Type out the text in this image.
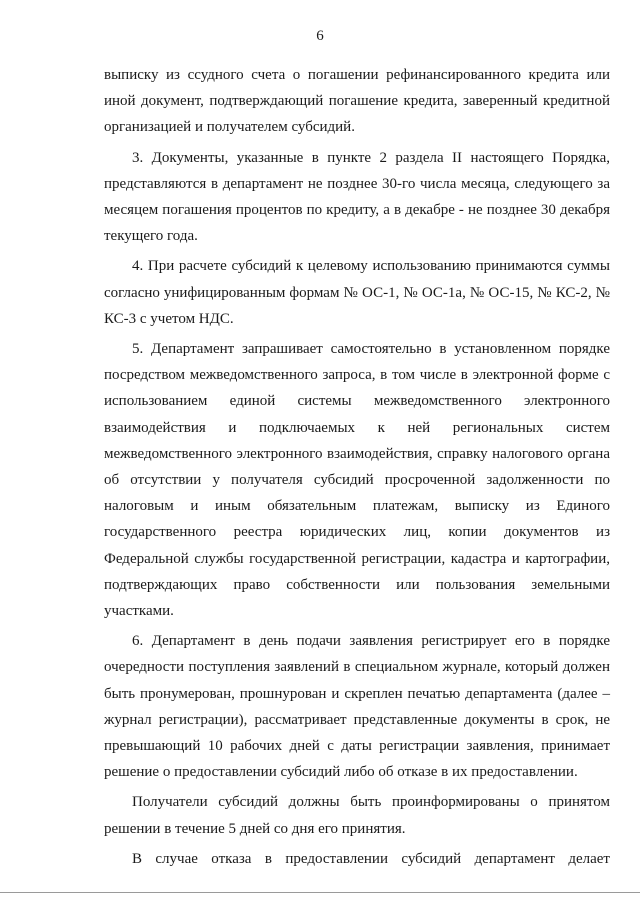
6

выписку из ссудного счета о погашении рефинансированного кредита или иной документ, подтверждающий погашение кредита, заверенный кредитной организацией и получателем субсидий.

3. Документы, указанные в пункте 2 раздела II настоящего Порядка, представляются в департамент не позднее 30-го числа месяца, следующего за месяцем погашения процентов по кредиту, а в декабре - не позднее 30 декабря текущего года.

4. При расчете субсидий к целевому использованию принимаются суммы согласно унифицированным формам № ОС-1, № ОС-1а, № ОС-15, № КС-2, № КС-3 с учетом НДС.

5. Департамент запрашивает самостоятельно в установленном порядке посредством межведомственного запроса, в том числе в электронной форме с использованием единой системы межведомственного электронного взаимодействия и подключаемых к ней региональных систем межведомственного электронного взаимодействия, справку налогового органа об отсутствии у получателя субсидий просроченной задолженности по налоговым и иным обязательным платежам, выписку из Единого государственного реестра юридических лиц, копии документов из Федеральной службы государственной регистрации, кадастра и картографии, подтверждающих право собственности или пользования земельными участками.

6. Департамент в день подачи заявления регистрирует его в порядке очередности поступления заявлений в специальном журнале, который должен быть пронумерован, прошнурован и скреплен печатью департамента (далее – журнал регистрации), рассматривает представленные документы в срок, не превышающий 10 рабочих дней с даты регистрации заявления, принимает решение о предоставлении субсидий либо об отказе в их предоставлении.

Получатели субсидий должны быть проинформированы о принятом решении в течение 5 дней со дня его принятия.

В случае отказа в предоставлении субсидий департамент делает
